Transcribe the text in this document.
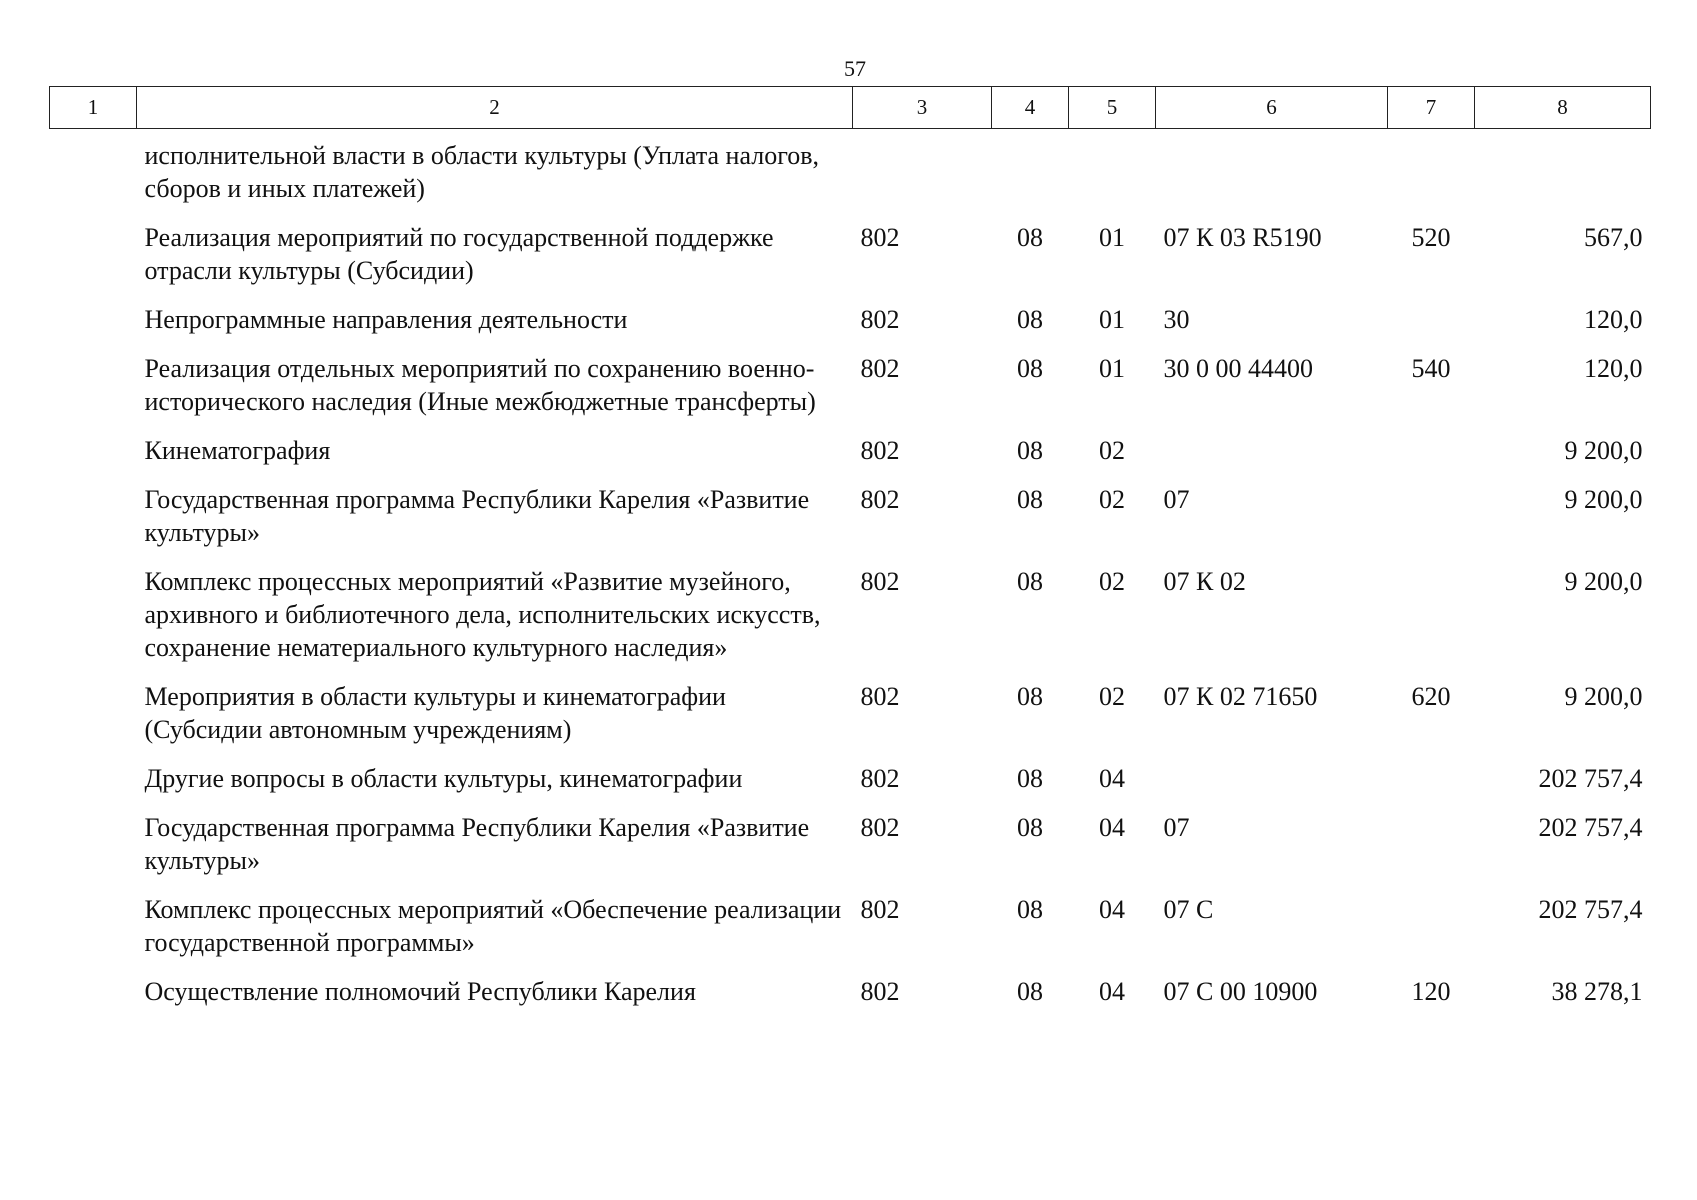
57
1	2	3	4	5	6	7	8
	исполнительной власти в области культуры (Уплата налогов, сборов и иных платежей)						
	Реализация мероприятий по государственной поддержке отрасли культуры (Субсидии)	802	08	01	07 К 03 R5190	520	567,0
	Непрограммные направления деятельности	802	08	01	30		120,0
	Реализация отдельных мероприятий по сохранению военно-исторического наследия (Иные межбюджетные трансферты)	802	08	01	30 0 00 44400	540	120,0
	Кинематография	802	08	02			9 200,0
	Государственная программа Республики Карелия «Развитие культуры»	802	08	02	07		9 200,0
	Комплекс процессных мероприятий «Развитие музейного, архивного и библиотечного дела, исполнительских искусств, сохранение нематериального культурного наследия»	802	08	02	07 К 02		9 200,0
	Мероприятия в области культуры и кинематографии (Субсидии автономным учреждениям)	802	08	02	07 К 02 71650	620	9 200,0
	Другие вопросы в области культуры, кинематографии	802	08	04			202 757,4
	Государственная программа Республики Карелия «Развитие культуры»	802	08	04	07		202 757,4
	Комплекс процессных мероприятий «Обеспечение реализации государственной программы»	802	08	04	07 С		202 757,4
	Осуществление полномочий Республики Карелия	802	08	04	07 С 00 10900	120	38 278,1
